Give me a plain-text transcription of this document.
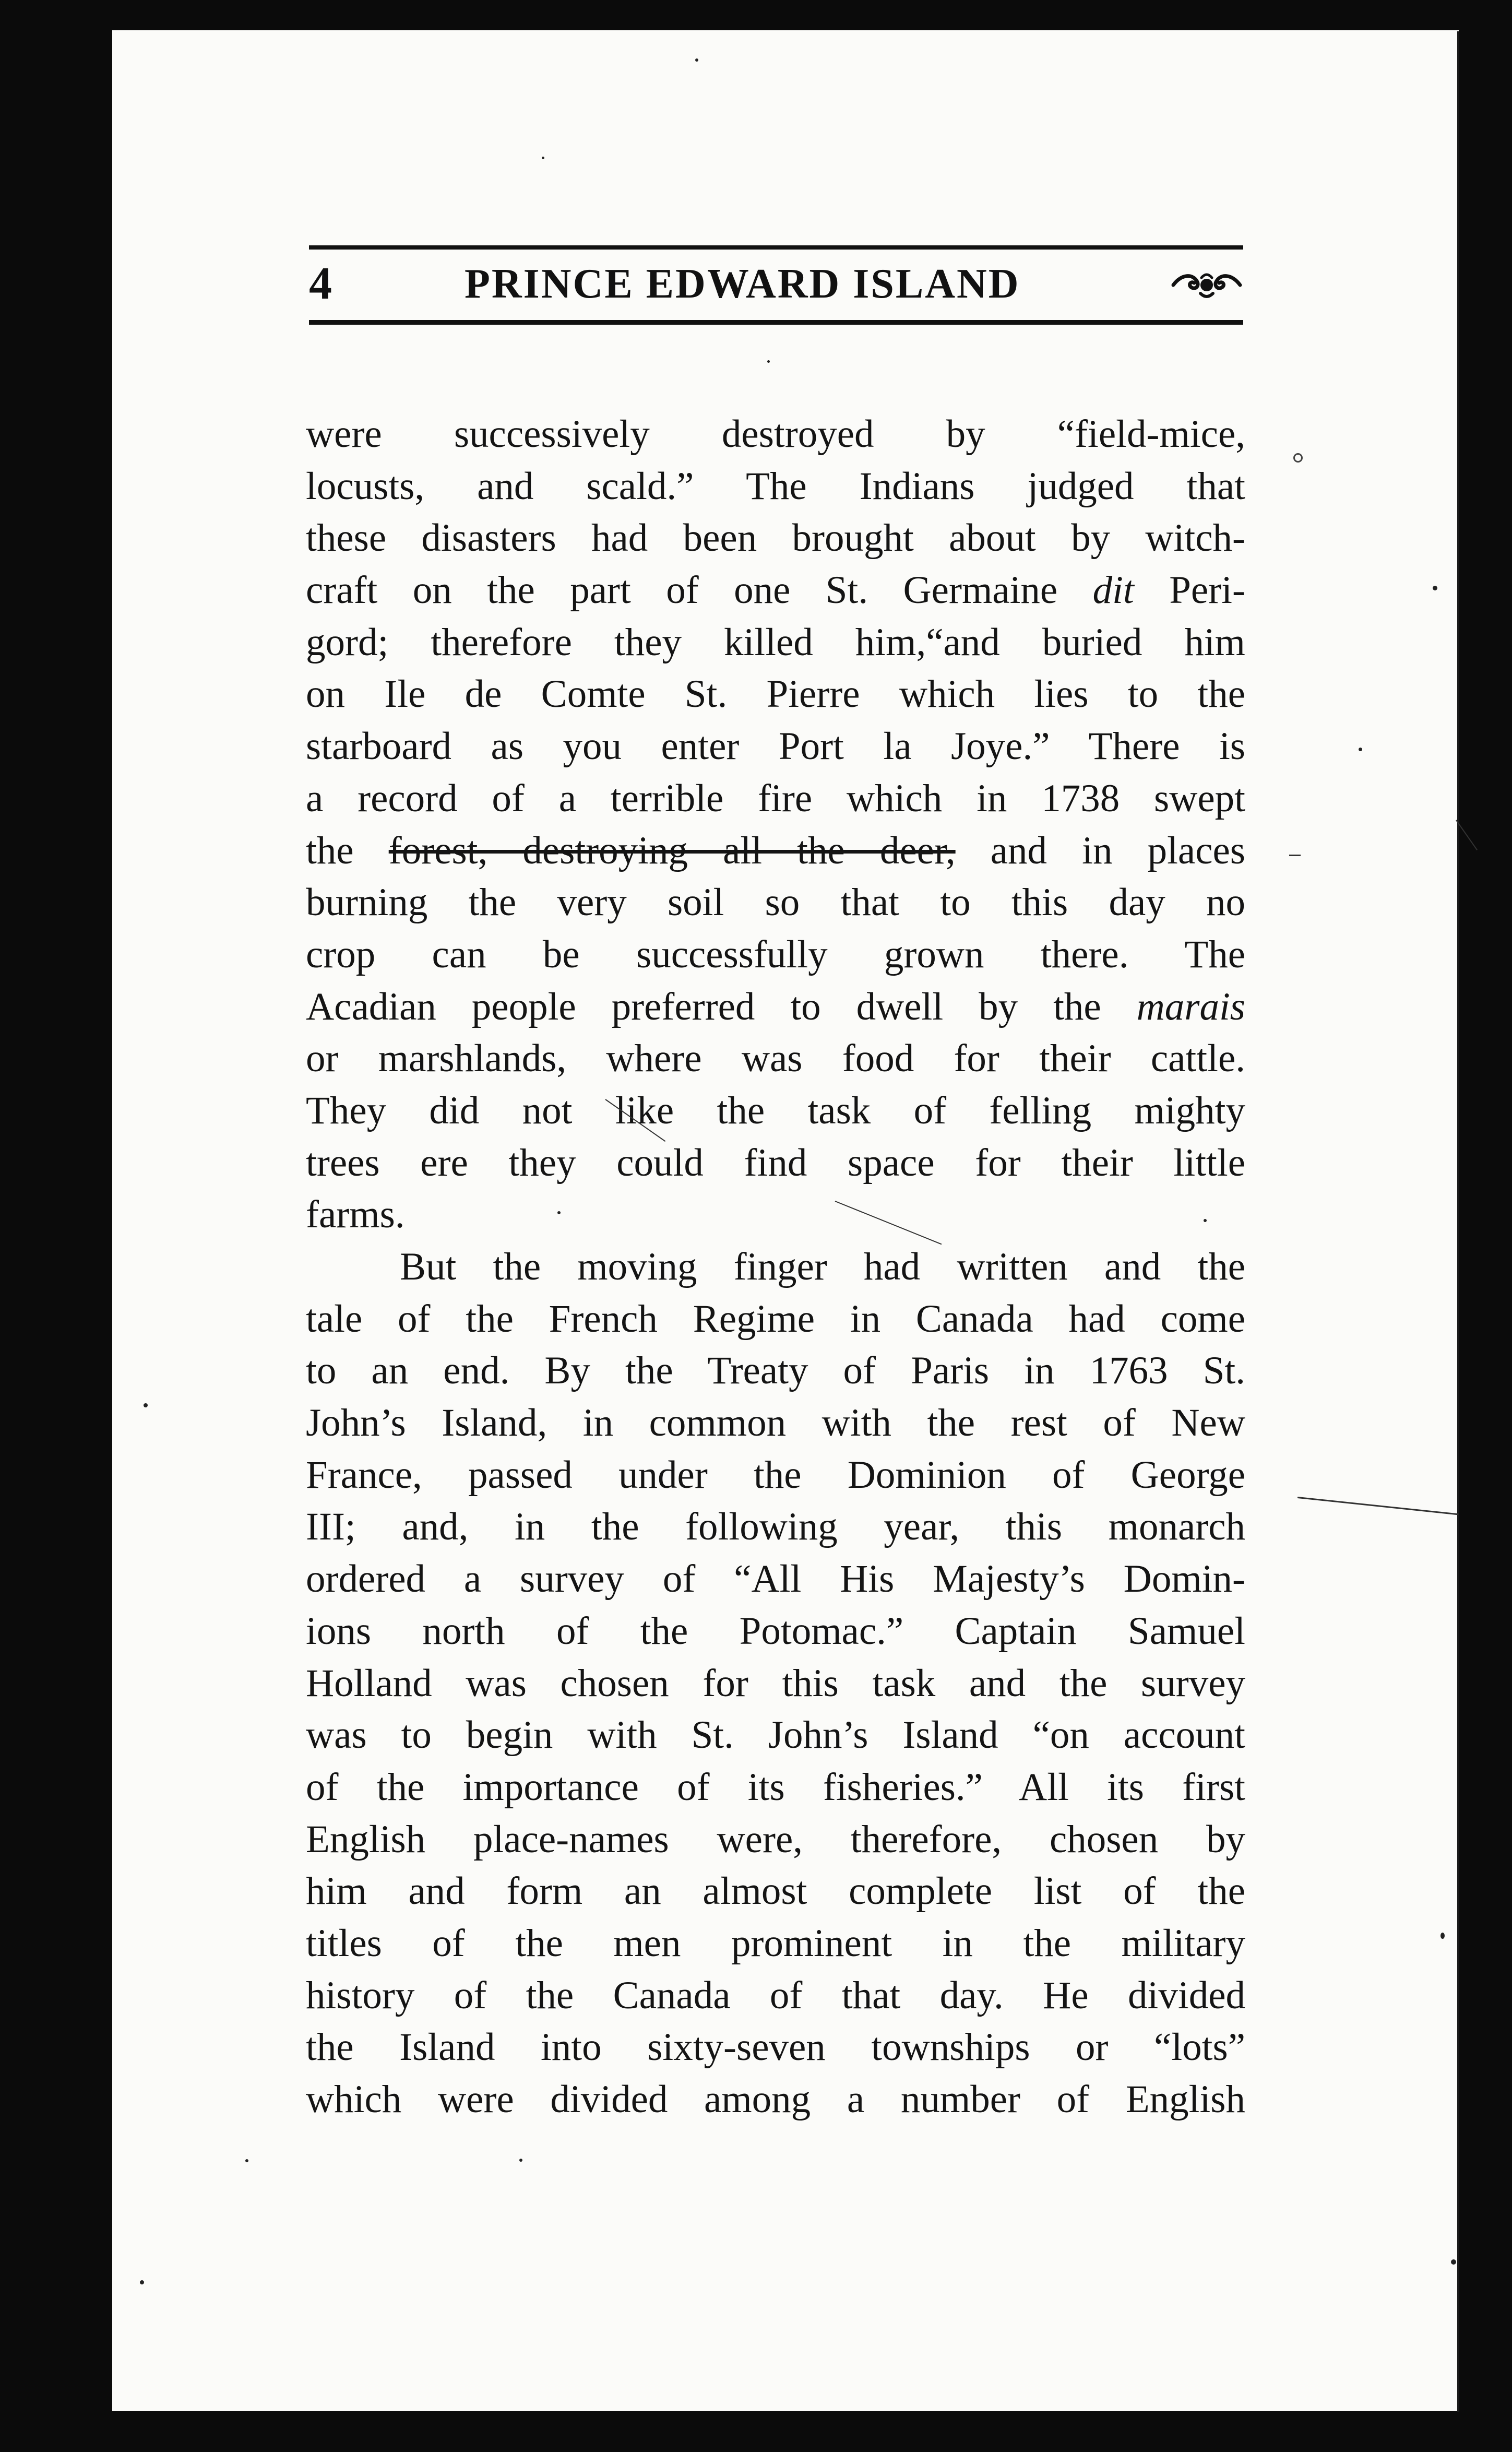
4	PRINCE EDWARD ISLAND
were successively destroyed by “field-mice,
locusts, and scald.” The Indians judged that
these disasters had been brought about by witch-
craft on the part of one St. Germaine dit Peri-
gord; therefore they killed him,“and buried him
on Ile de Comte St. Pierre which lies to the
starboard as you enter Port la Joye.” There is
a record of a terrible fire which in 1738 swept
the forest, destroying all the deer, and in places
burning the very soil so that to this day no
crop can be successfully grown there. The
Acadian people preferred to dwell by the marais
or marshlands, where was food for their cattle.
They did not like the task of felling mighty
trees ere they could find space for their little
farms.
But the moving finger had written and the
tale of the French Regime in Canada had come
to an end. By the Treaty of Paris in 1763 St.
John’s Island, in common with the rest of New
France, passed under the Dominion of George
III; and, in the following year, this monarch
ordered a survey of “All His Majesty’s Domin-
ions north of the Potomac.” Captain Samuel
Holland was chosen for this task and the survey
was to begin with St. John’s Island “on account
of the importance of its fisheries.” All its first
English place-names were, therefore, chosen by
him and form an almost complete list of the
titles of the men prominent in the military
history of the Canada of that day. He divided
the Island into sixty-seven townships or “lots”
which were divided among a number of English
